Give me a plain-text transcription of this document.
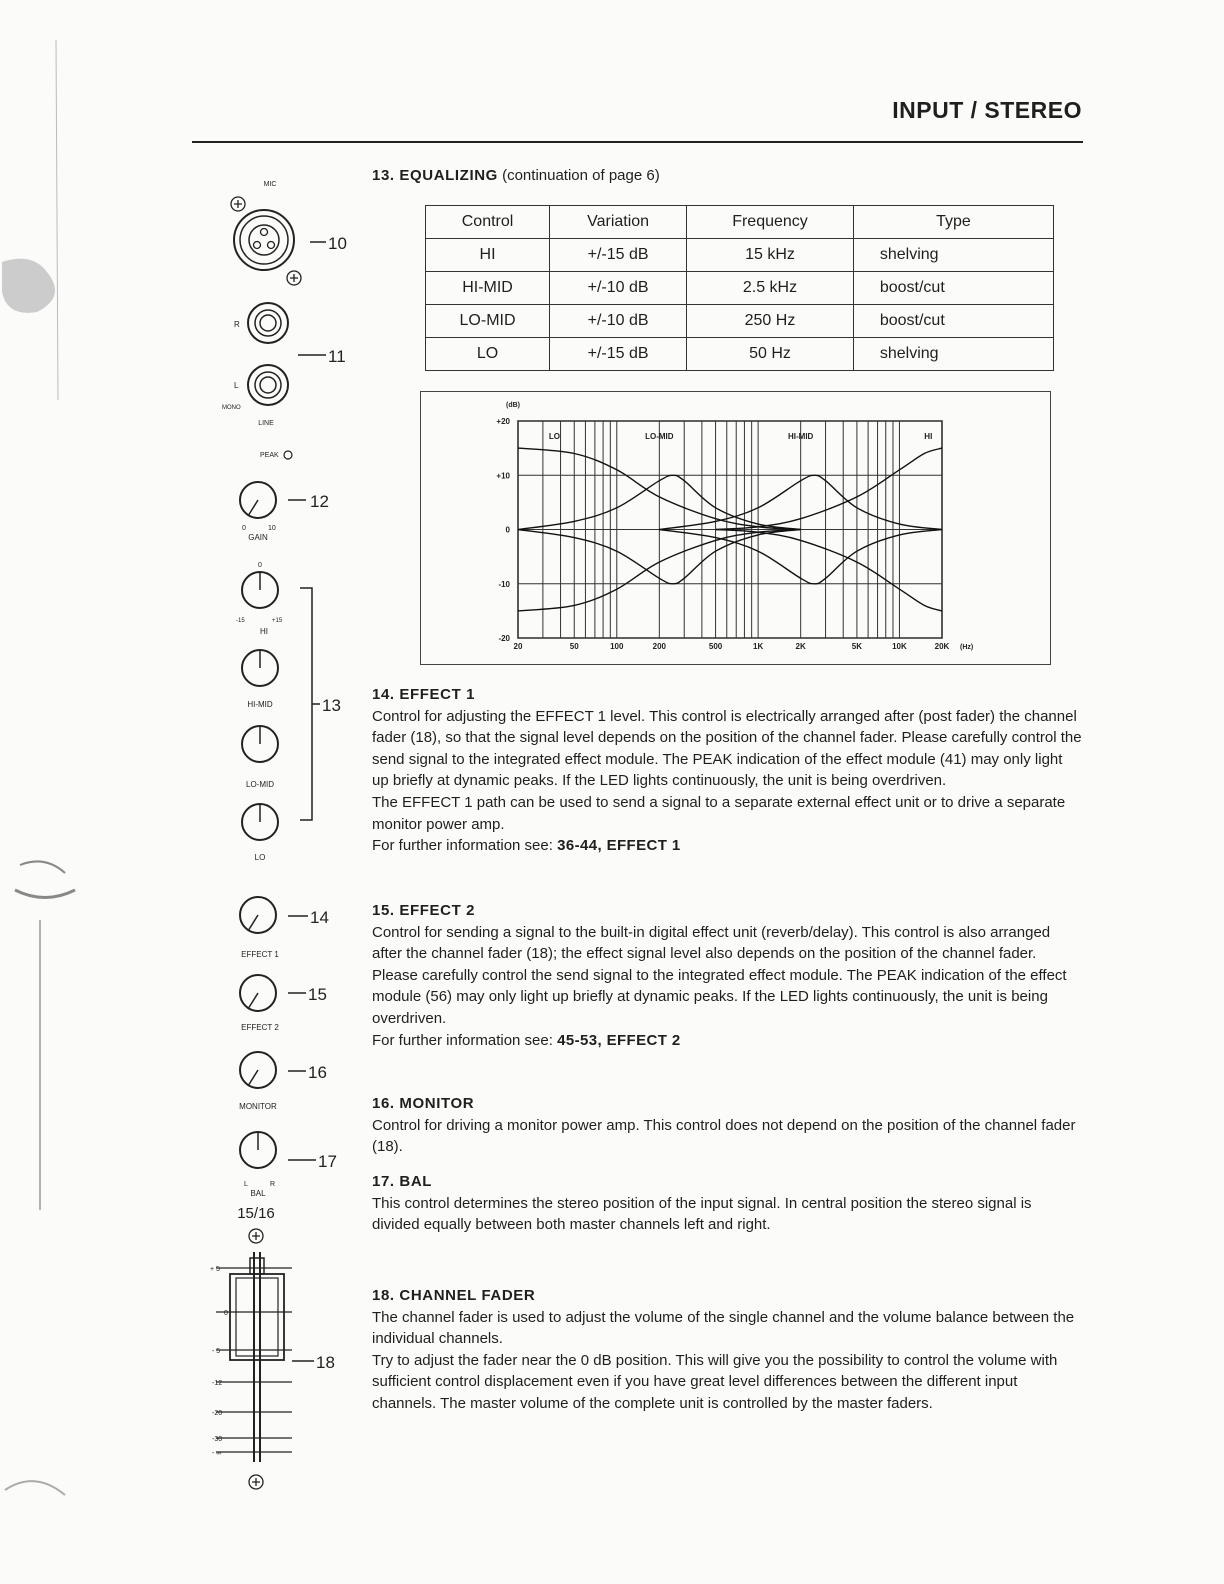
INPUT / STEREO
MIC
10
R
11
L
MONO
LINE
PEAK
0	10
GAIN
12
0
-15	+15
HI
HI-MID
LO-MID
LO
13
EFFECT 1
14
EFFECT 2
15
MONITOR
16
L	R
BAL
17
15/16
+ 5
0
- 5
-12
-20
-30
- ∞
18
13. EQUALIZING (continuation of page 6)
Control	Variation	Frequency	Type
HI	+/-15 dB	15 kHz	shelving
HI-MID	+/-10 dB	2.5 kHz	boost/cut
LO-MID	+/-10 dB	250 Hz	boost/cut
LO	+/-15 dB	50 Hz	shelving
+20
+10
0
-10
-20
(dB)
20	50	100	200	500	1K	2K	5K	10K	20K (Hz)
LO	LO-MID	HI-MID	HI
14. EFFECT 1

Control for adjusting the EFFECT 1 level. This control is electrically arranged after (post fader) the channel fader (18), so that the signal level depends on the position of the channel fader. Please carefully control the send signal to the integrated effect module. The PEAK indication of the effect module (41) may only light up briefly at dynamic peaks. If the LED lights continuously, the unit is being overdriven.

The EFFECT 1 path can be used to send a signal to a separate external effect unit or to drive a separate monitor power amp.

For further information see: 36-44, EFFECT 1

15. EFFECT 2

Control for sending a signal to the built-in digital effect unit (reverb/delay). This control is also arranged after the channel fader (18); the effect signal level also depends on the position of the channel fader.

Please carefully control the send signal to the integrated effect module. The PEAK indication of the effect module (56) may only light up briefly at dynamic peaks. If the LED lights continuously, the unit is being overdriven.

For further information see: 45-53, EFFECT 2

16. MONITOR

Control for driving a monitor power amp. This control does not depend on the position of the channel fader (18).

17. BAL

This control determines the stereo position of the input signal. In central position the stereo signal is divided equally between both master channels left and right.

18. CHANNEL FADER

The channel fader is used to adjust the volume of the single channel and the volume balance between the individual channels.

Try to adjust the fader near the 0 dB position. This will give you the possibility to control the volume with sufficient control displacement even if you have great level differences between the different input channels. The master volume of the complete unit is controlled by the master faders.
